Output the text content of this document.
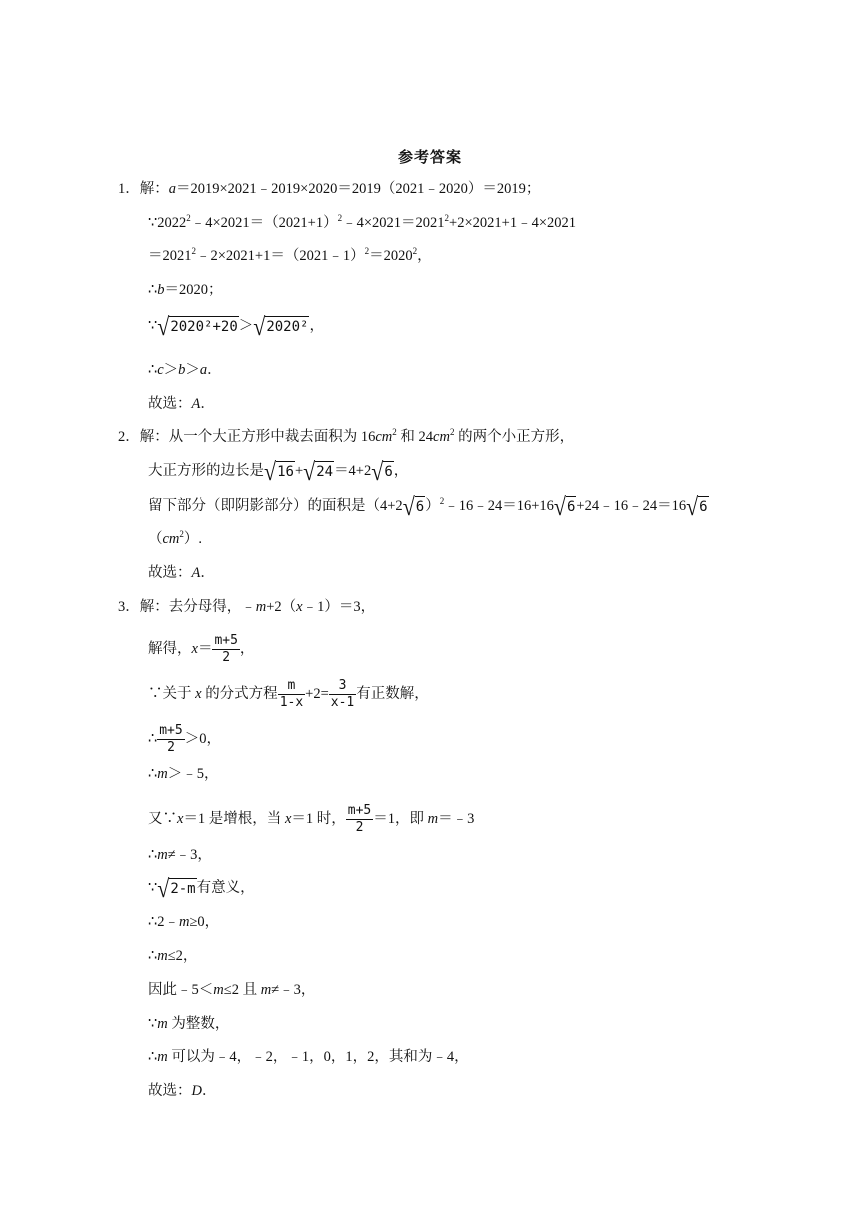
参考答案
1．解：a＝2019×2021﹣2019×2020＝2019（2021﹣2020）＝2019；
$\because 2022^2﹣4\times 2021=(2021+1)^2﹣4\times 2021=2021^2+2\times 2021+1﹣4\times 2021$
$=2021^2﹣2\times 2021+1=(2021﹣1)^2=2020^2$，
∴b＝2020；
∵√2020²+20＞√2020²，
∴c＞b＞a．
故选：A．
2．解：从一个大正方形中裁去面积为 $16cm^2$ 和 $24cm^2$ 的两个小正方形，
大正方形的边长是√16+√24＝4+2√6，
留下部分（即阴影部分）的面积是$(4+2√6)^2﹣16﹣24=16+16√6+24﹣16﹣24=16√6$
$(cm^2)$.
故选：A．
3．解：去分母得，﹣m+2（x﹣1）＝3，
解得，$x= \frac{m+5}{2}$ ，
∵关于 x 的分式方程 $\frac{m}{1-x} +2= \frac{3}{x-1}$ 有正数解，
∴ $\frac{m+5}{2} >0$，
∴m＞﹣5，
又∵x＝1 是增根，当 x＝1 时， $\frac{m+5}{2} =1$，即 m＝﹣3
∴m≠﹣3，
∵√2-m有意义，
∴2﹣m≥0，
∴m≤2，
因此﹣5＜m≤2 且 m≠﹣3，
∵m 为整数，
∴m 可以为﹣4，﹣2，﹣1，0，1，2，其和为﹣4，
故选：D．
